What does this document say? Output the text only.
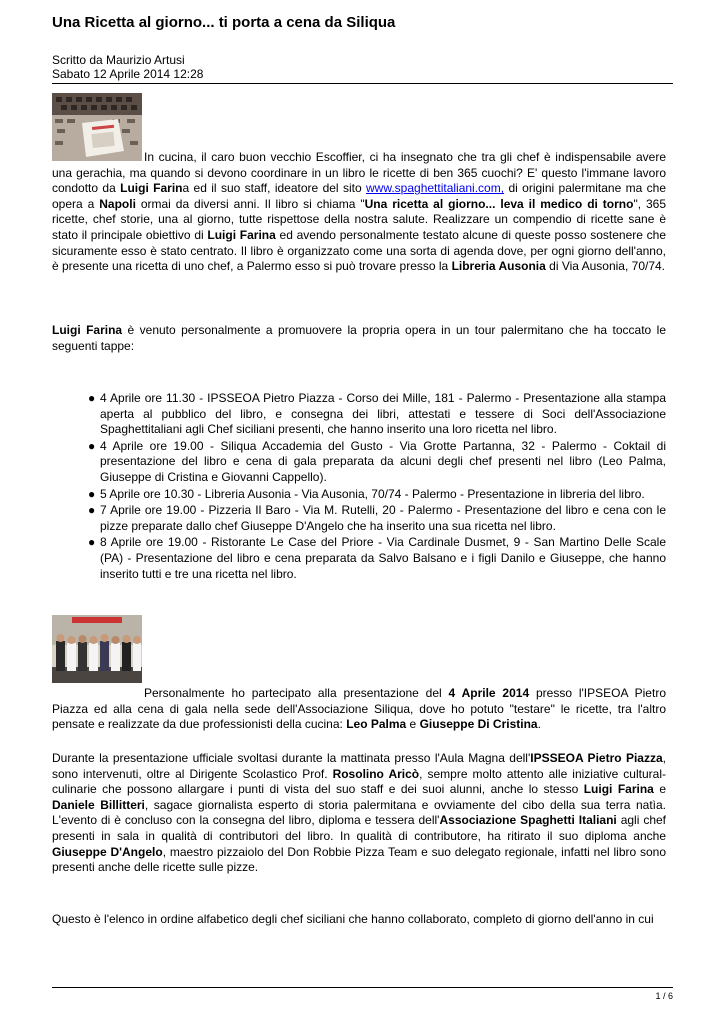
Una Ricetta al giorno... ti porta a cena da Siliqua
Scritto da Maurizio Artusi
Sabato 12 Aprile 2014 12:28

In cucina, il caro buon vecchio Escoffier, ci ha insegnato che tra gli chef è indispensabile avere una gerachia, ma quando si devono coordinare in un libro le ricette di ben 365 cuochi? E' questo l'immane lavoro condotto da Luigi Farina ed il suo staff, ideatore del sito www.spaghettitaliani.com, di origini palermitane ma che opera a Napoli ormai da diversi anni. Il libro si chiama "Una ricetta al giorno... leva il medico di torno", 365 ricette, chef storie, una al giorno, tutte rispettose della nostra salute. Realizzare un compendio di ricette sane è stato il principale obiettivo di Luigi Farina ed avendo personalmente testato alcune di queste posso sostenere che sicuramente esso è stato centrato. Il libro è organizzato come una sorta di agenda dove, per ogni giorno dell'anno, è presente una ricetta di uno chef, a Palermo esso si può trovare presso la Libreria Ausonia di Via Ausonia, 70/74.

Luigi Farina è venuto personalmente a promuovere la propria opera in un tour palermitano che ha toccato le seguenti tappe:

● 4 Aprile ore 11.30 - IPSSEOA Pietro Piazza - Corso dei Mille, 181 - Palermo - Presentazione alla stampa aperta al pubblico del libro, e consegna dei libri, attestati e tessere di Soci dell'Associazione Spaghettitaliani agli Chef siciliani presenti, che hanno inserito una loro ricetta nel libro.
● 4 Aprile ore 19.00 - Siliqua Accademia del Gusto - Via Grotte Partanna, 32 - Palermo - Coktail di presentazione del libro e cena di gala preparata da alcuni degli chef presenti nel libro (Leo Palma, Giuseppe di Cristina e Giovanni Cappello).
● 5 Aprile ore 10.30 - Libreria Ausonia - Via Ausonia, 70/74 - Palermo - Presentazione in libreria del libro.
● 7 Aprile ore 19.00 - Pizzeria Il Baro - Via M. Rutelli, 20 - Palermo - Presentazione del libro e cena con le pizze preparate dallo chef Giuseppe D'Angelo che ha inserito una sua ricetta nel libro.
● 8 Aprile ore 19.00 - Ristorante Le Case del Priore - Via Cardinale Dusmet, 9 - San Martino Delle Scale (PA) - Presentazione del libro e cena preparata da Salvo Balsano e i figli Danilo e Giuseppe, che hanno inserito tutti e tre una ricetta nel libro.

Personalmente ho partecipato alla presentazione del 4 Aprile 2014 presso l'IPSEOA Pietro Piazza ed alla cena di gala nella sede dell'Associazione Siliqua, dove ho potuto "testare" le ricette, tra l'altro pensate e realizzate da due professionisti della cucina: Leo Palma e Giuseppe Di Cristina.

Durante la presentazione ufficiale svoltasi durante la mattinata presso l'Aula Magna dell'IPSSEOA Pietro Piazza, sono intervenuti, oltre al Dirigente Scolastico Prof. Rosolino Aricò, sempre molto attento alle iniziative cultural-culinarie che possono allargare i punti di vista del suo staff e dei suoi alunni, anche lo stesso Luigi Farina e Daniele Billitteri, sagace giornalista esperto di storia palermitana e ovviamente del cibo della sua terra natìa. L'evento di è concluso con la consegna del libro, diploma e tessera dell'Associazione Spaghetti Italiani agli chef presenti in sala in qualità di contributori del libro. In qualità di contributore, ha ritirato il suo diploma anche Giuseppe D'Angelo, maestro pizzaiolo del Don Robbie Pizza Team e suo delegato regionale, infatti nel libro sono presenti anche delle ricette sulle pizze.

Questo è l'elenco in ordine alfabetico degli chef siciliani che hanno collaborato, completo di giorno dell'anno in cui
1 / 6
